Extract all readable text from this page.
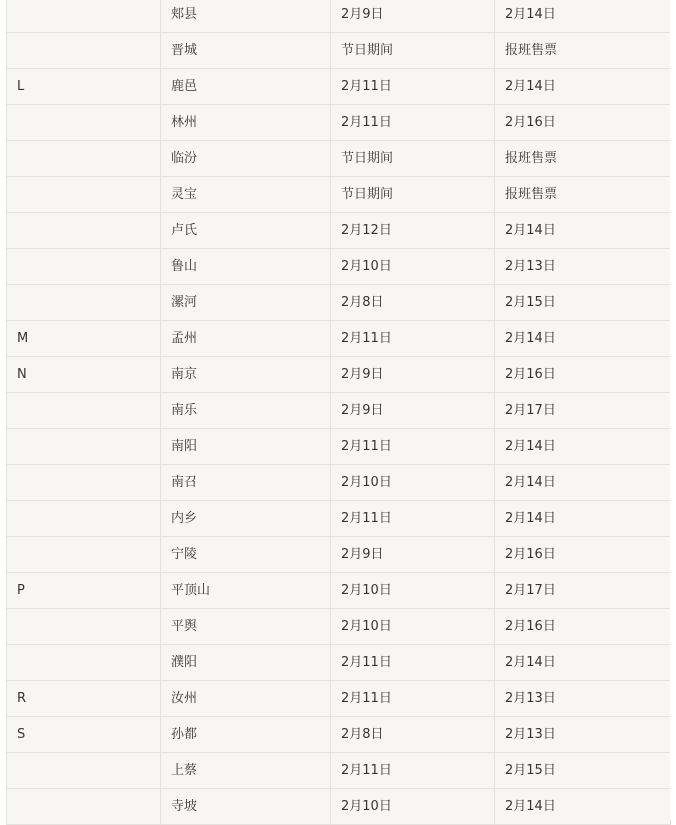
	郏县	2月9日	2月14日
	晋城	节日期间	报班售票
L	鹿邑	2月11日	2月14日
	林州	2月11日	2月16日
	临汾	节日期间	报班售票
	灵宝	节日期间	报班售票
	卢氏	2月12日	2月14日
	鲁山	2月10日	2月13日
	漯河	2月8日	2月15日
M	孟州	2月11日	2月14日
N	南京	2月9日	2月16日
	南乐	2月9日	2月17日
	南阳	2月11日	2月14日
	南召	2月10日	2月14日
	内乡	2月11日	2月14日
	宁陵	2月9日	2月16日
P	平顶山	2月10日	2月17日
	平舆	2月10日	2月16日
	濮阳	2月11日	2月14日
R	汝州	2月11日	2月13日
S	孙都	2月8日	2月13日
	上蔡	2月11日	2月15日
	寺坡	2月10日	2月14日
